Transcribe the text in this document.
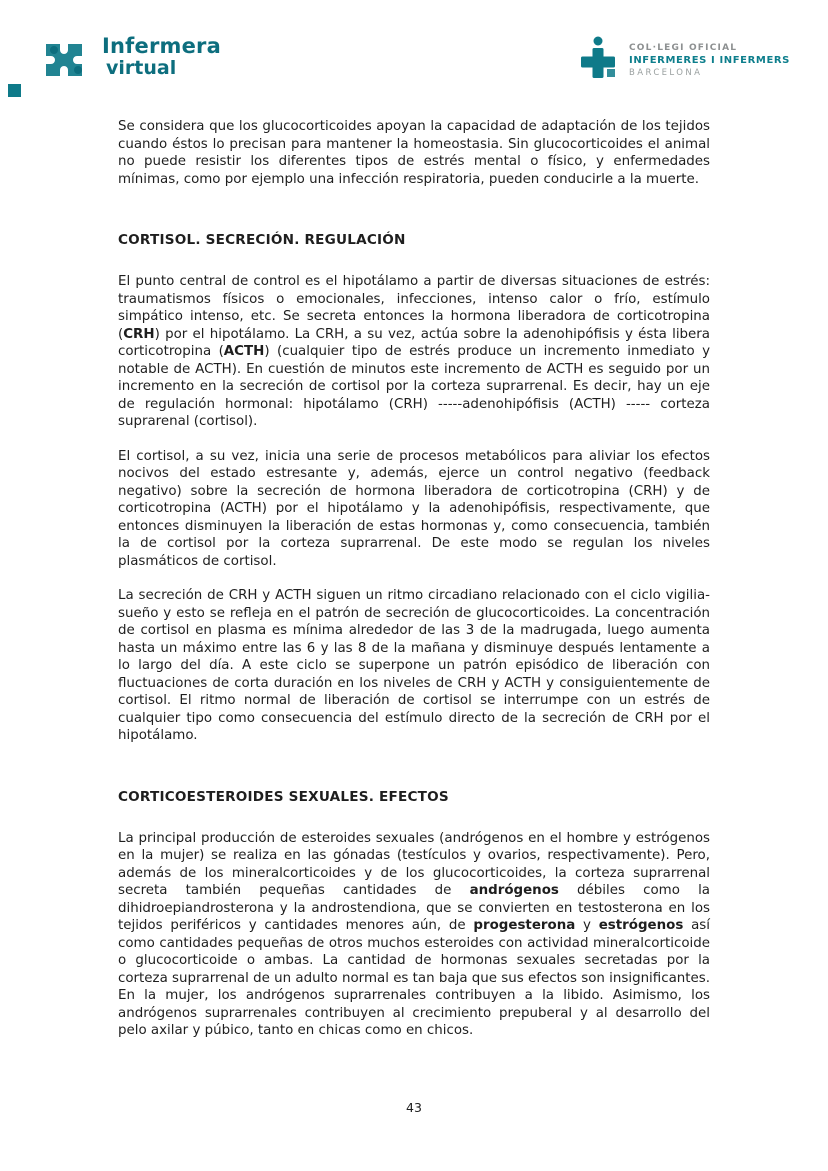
Infermera
virtual
COL·LEGI OFICIAL
INFERMERES I INFERMERS
BARCELONA

Se considera que los glucocorticoides apoyan la capacidad de adaptación de los tejidos cuando éstos lo precisan para mantener la homeostasia. Sin glucocorticoides el animal no puede resistir los diferentes tipos de estrés mental o físico, y enfermedades mínimas, como por ejemplo una infección respiratoria, pueden conducirle a la muerte.

CORTISOL. SECRECIÓN. REGULACIÓN

El punto central de control es el hipotálamo a partir de diversas situaciones de estrés: traumatismos físicos o emocionales, infecciones, intenso calor o frío, estímulo simpático intenso, etc. Se secreta entonces la hormona liberadora de corticotropina (CRH) por el hipotálamo. La CRH, a su vez, actúa sobre la adenohipófisis y ésta libera corticotropina (ACTH) (cualquier tipo de estrés produce un incremento inmediato y notable de ACTH). En cuestión de minutos este incremento de ACTH es seguido por un incremento en la secreción de cortisol por la corteza suprarrenal. Es decir, hay un eje de regulación hormonal: hipotálamo (CRH) -----adenohipófisis (ACTH) ----- corteza suprarenal (cortisol).

El cortisol, a su vez, inicia una serie de procesos metabólicos para aliviar los efectos nocivos del estado estresante y, además, ejerce un control negativo (feedback negativo) sobre la secreción de hormona liberadora de corticotropina (CRH) y de corticotropina (ACTH) por el hipotálamo y la adenohipófisis, respectivamente, que entonces disminuyen la liberación de estas hormonas y, como consecuencia, también la de cortisol por la corteza suprarrenal. De este modo se regulan los niveles plasmáticos de cortisol.

La secreción de CRH y ACTH siguen un ritmo circadiano relacionado con el ciclo vigilia-sueño y esto se refleja en el patrón de secreción de glucocorticoides. La concentración de cortisol en plasma es mínima alrededor de las 3 de la madrugada, luego aumenta hasta un máximo entre las 6 y las 8 de la mañana y disminuye después lentamente a lo largo del día. A este ciclo se superpone un patrón episódico de liberación con fluctuaciones de corta duración en los niveles de CRH y ACTH y consiguientemente de cortisol. El ritmo normal de liberación de cortisol se interrumpe con un estrés de cualquier tipo como consecuencia del estímulo directo de la secreción de CRH por el hipotálamo.

CORTICOESTEROIDES SEXUALES. EFECTOS

La principal producción de esteroides sexuales (andrógenos en el hombre y estrógenos en la mujer) se realiza en las gónadas (testículos y ovarios, respectivamente). Pero, además de los mineralcorticoides y de los glucocorticoides, la corteza suprarrenal secreta también pequeñas cantidades de andrógenos débiles como la dihidroepiandrosterona y la androstendiona, que se convierten en testosterona en los tejidos periféricos y cantidades menores aún, de progesterona y estrógenos así como cantidades pequeñas de otros muchos esteroides con actividad mineralcorticoide o glucocorticoide o ambas. La cantidad de hormonas sexuales secretadas por la corteza suprarrenal de un adulto normal es tan baja que sus efectos son insignificantes. En la mujer, los andrógenos suprarrenales contribuyen a la libido. Asimismo, los andrógenos suprarrenales contribuyen al crecimiento prepuberal y al desarrollo del pelo axilar y púbico, tanto en chicas como en chicos.

43
